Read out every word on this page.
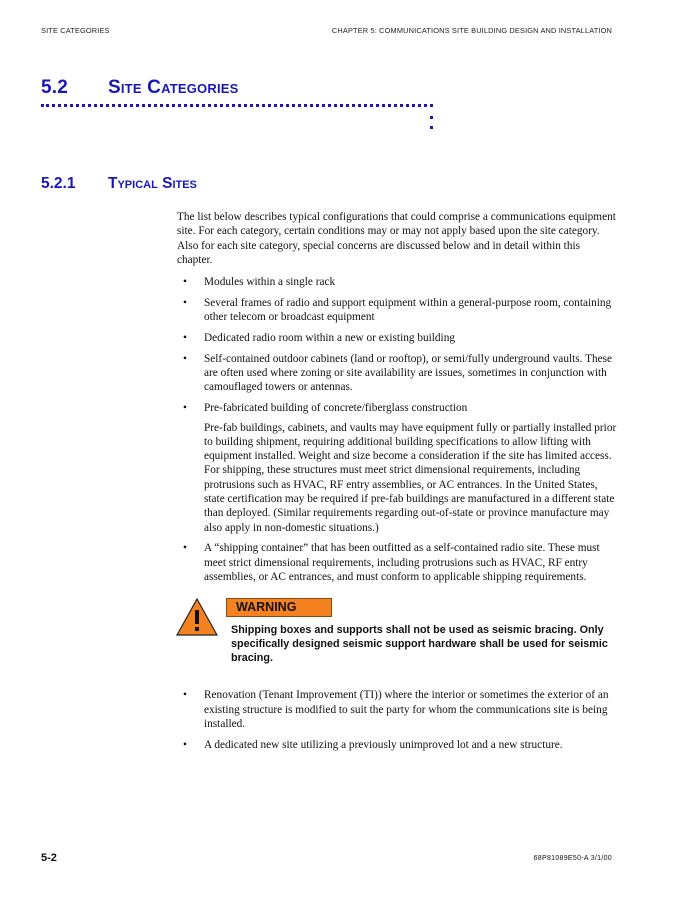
SITE CATEGORIES	CHAPTER 5: COMMUNICATIONS SITE BUILDING DESIGN AND INSTALLATION
5.2 Site Categories
5.2.1 Typical Sites

The list below describes typical configurations that could comprise a communications equipment site. For each category, certain conditions may or may not apply based upon the site category. Also for each site category, special concerns are discussed below and in detail within this chapter.

• Modules within a single rack
• Several frames of radio and support equipment within a general-purpose room, containing other telecom or broadcast equipment
• Dedicated radio room within a new or existing building
• Self-contained outdoor cabinets (land or rooftop), or semi/fully underground vaults. These are often used where zoning or site availability are issues, sometimes in conjunction with camouflaged towers or antennas.
• Pre-fabricated building of concrete/fiberglass construction
Pre-fab buildings, cabinets, and vaults may have equipment fully or partially installed prior to building shipment, requiring additional building specifications to allow lifting with equipment installed. Weight and size become a consideration if the site has limited access. For shipping, these structures must meet strict dimensional requirements, including protrusions such as HVAC, RF entry assemblies, or AC entrances. In the United States, state certification may be required if pre-fab buildings are manufactured in a different state than deployed. (Similar requirements regarding out-of-state or province manufacture may also apply in non-domestic situations.)
• A “shipping container” that has been outfitted as a self-contained radio site. These must meet strict dimensional requirements, including protrusions such as HVAC, RF entry assemblies, or AC entrances, and must conform to applicable shipping requirements.
WARNING
Shipping boxes and supports shall not be used as seismic bracing. Only specifically designed seismic support hardware shall be used for seismic bracing.
• Renovation (Tenant Improvement (TI)) where the interior or sometimes the exterior of an existing structure is modified to suit the party for whom the communications site is being installed.
• A dedicated new site utilizing a previously unimproved lot and a new structure.
5-2	68P81089E50-A 3/1/00
